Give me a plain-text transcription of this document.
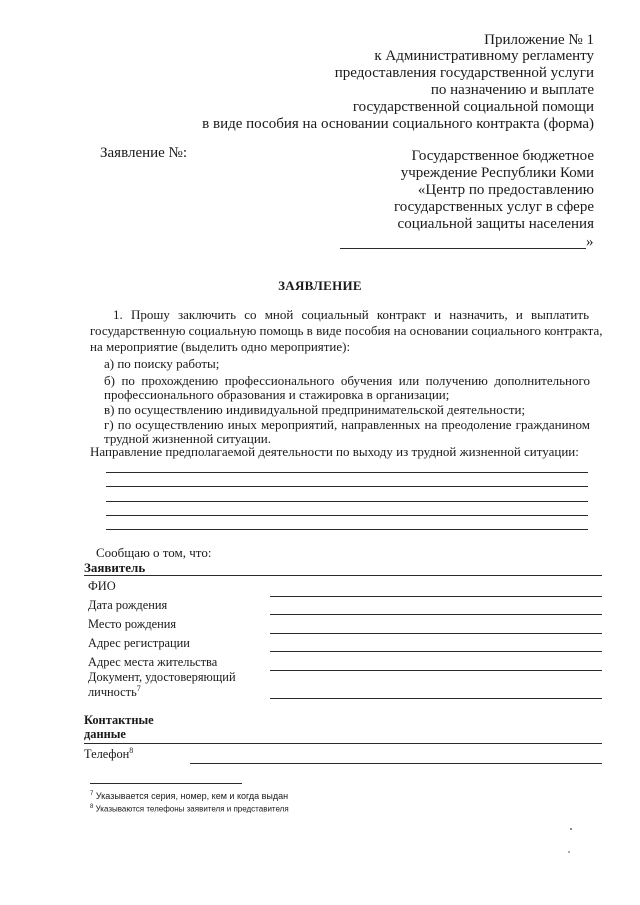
Приложение № 1
к Административному регламенту
предоставления государственной услуги
по назначению и выплате
государственной социальной помощи
в виде пособия на основании социального контракта (форма)
Заявление №:	Государственное бюджетное
учреждение Республики Коми
«Центр по предоставлению
государственных услуг в сфере
социальной защиты населения
»
ЗАЯВЛЕНИЕ
1. Прошу заключить со мной социальный контракт и назначить, и выплатить
государственную социальную помощь в виде пособия на основании социального контракта,
на мероприятие (выделить одно мероприятие):
а) по поиску работы;
б) по прохождению профессионального обучения или получению дополнительного
профессионального образования и стажировка в организации;
в) по осуществлению индивидуальной предпринимательской деятельности;
г) по осуществлению иных мероприятий, направленных на преодоление гражданином
трудной жизненной ситуации.
Направление предполагаемой деятельности по выходу из трудной жизненной ситуации:
Сообщаю о том, что:
Заявитель
ФИО
Дата рождения
Место рождения
Адрес регистрации
Адрес места жительства
Документ, удостоверяющий
личность$^7$
Контактные
данные
Телефон$^8$
$^7$ Указывается серия, номер, кем и когда выдан
$^8$ Указываются телефоны заявителя и представителя
